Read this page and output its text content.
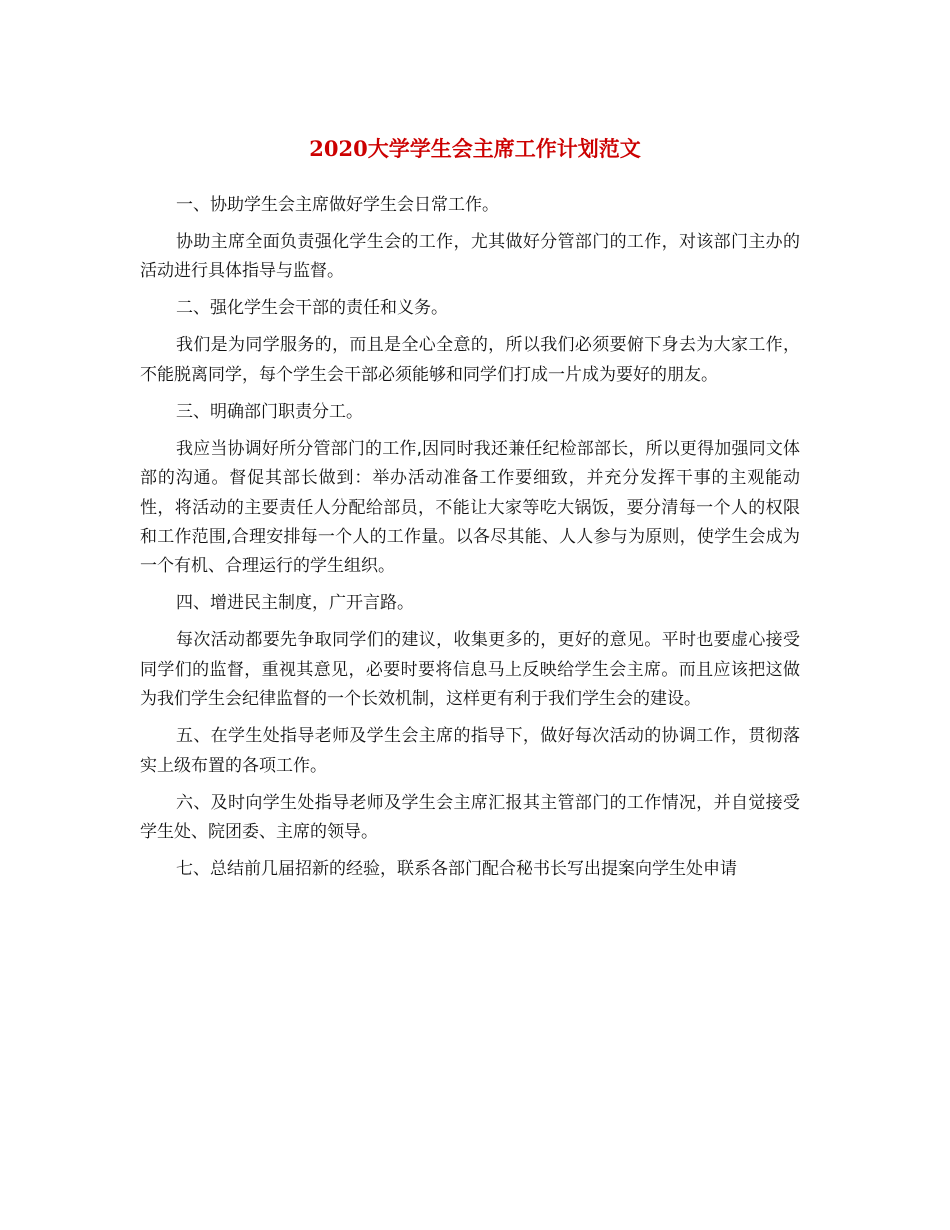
2020大学学生会主席工作计划范文

一、协助学生会主席做好学生会日常工作。

协助主席全面负责强化学生会的工作，尤其做好分管部门的工作，对该部门主办的活动进行具体指导与监督。

二、强化学生会干部的责任和义务。

我们是为同学服务的，而且是全心全意的，所以我们必须要俯下身去为大家工作，不能脱离同学，每个学生会干部必须能够和同学们打成一片成为要好的朋友。

三、明确部门职责分工。

我应当协调好所分管部门的工作,因同时我还兼任纪检部部长，所以更得加强同文体部的沟通。督促其部长做到：举办活动准备工作要细致，并充分发挥干事的主观能动性，将活动的主要责任人分配给部员，不能让大家等吃大锅饭，要分清每一个人的权限和工作范围,合理安排每一个人的工作量。以各尽其能、人人参与为原则，使学生会成为一个有机、合理运行的学生组织。

四、增进民主制度，广开言路。

每次活动都要先争取同学们的建议，收集更多的，更好的意见。平时也要虚心接受同学们的监督，重视其意见，必要时要将信息马上反映给学生会主席。而且应该把这做为我们学生会纪律监督的一个长效机制，这样更有利于我们学生会的建设。

五、在学生处指导老师及学生会主席的指导下，做好每次活动的协调工作，贯彻落实上级布置的各项工作。

六、及时向学生处指导老师及学生会主席汇报其主管部门的工作情况，并自觉接受学生处、院团委、主席的领导。

七、总结前几届招新的经验，联系各部门配合秘书长写出提案向学生处申请
